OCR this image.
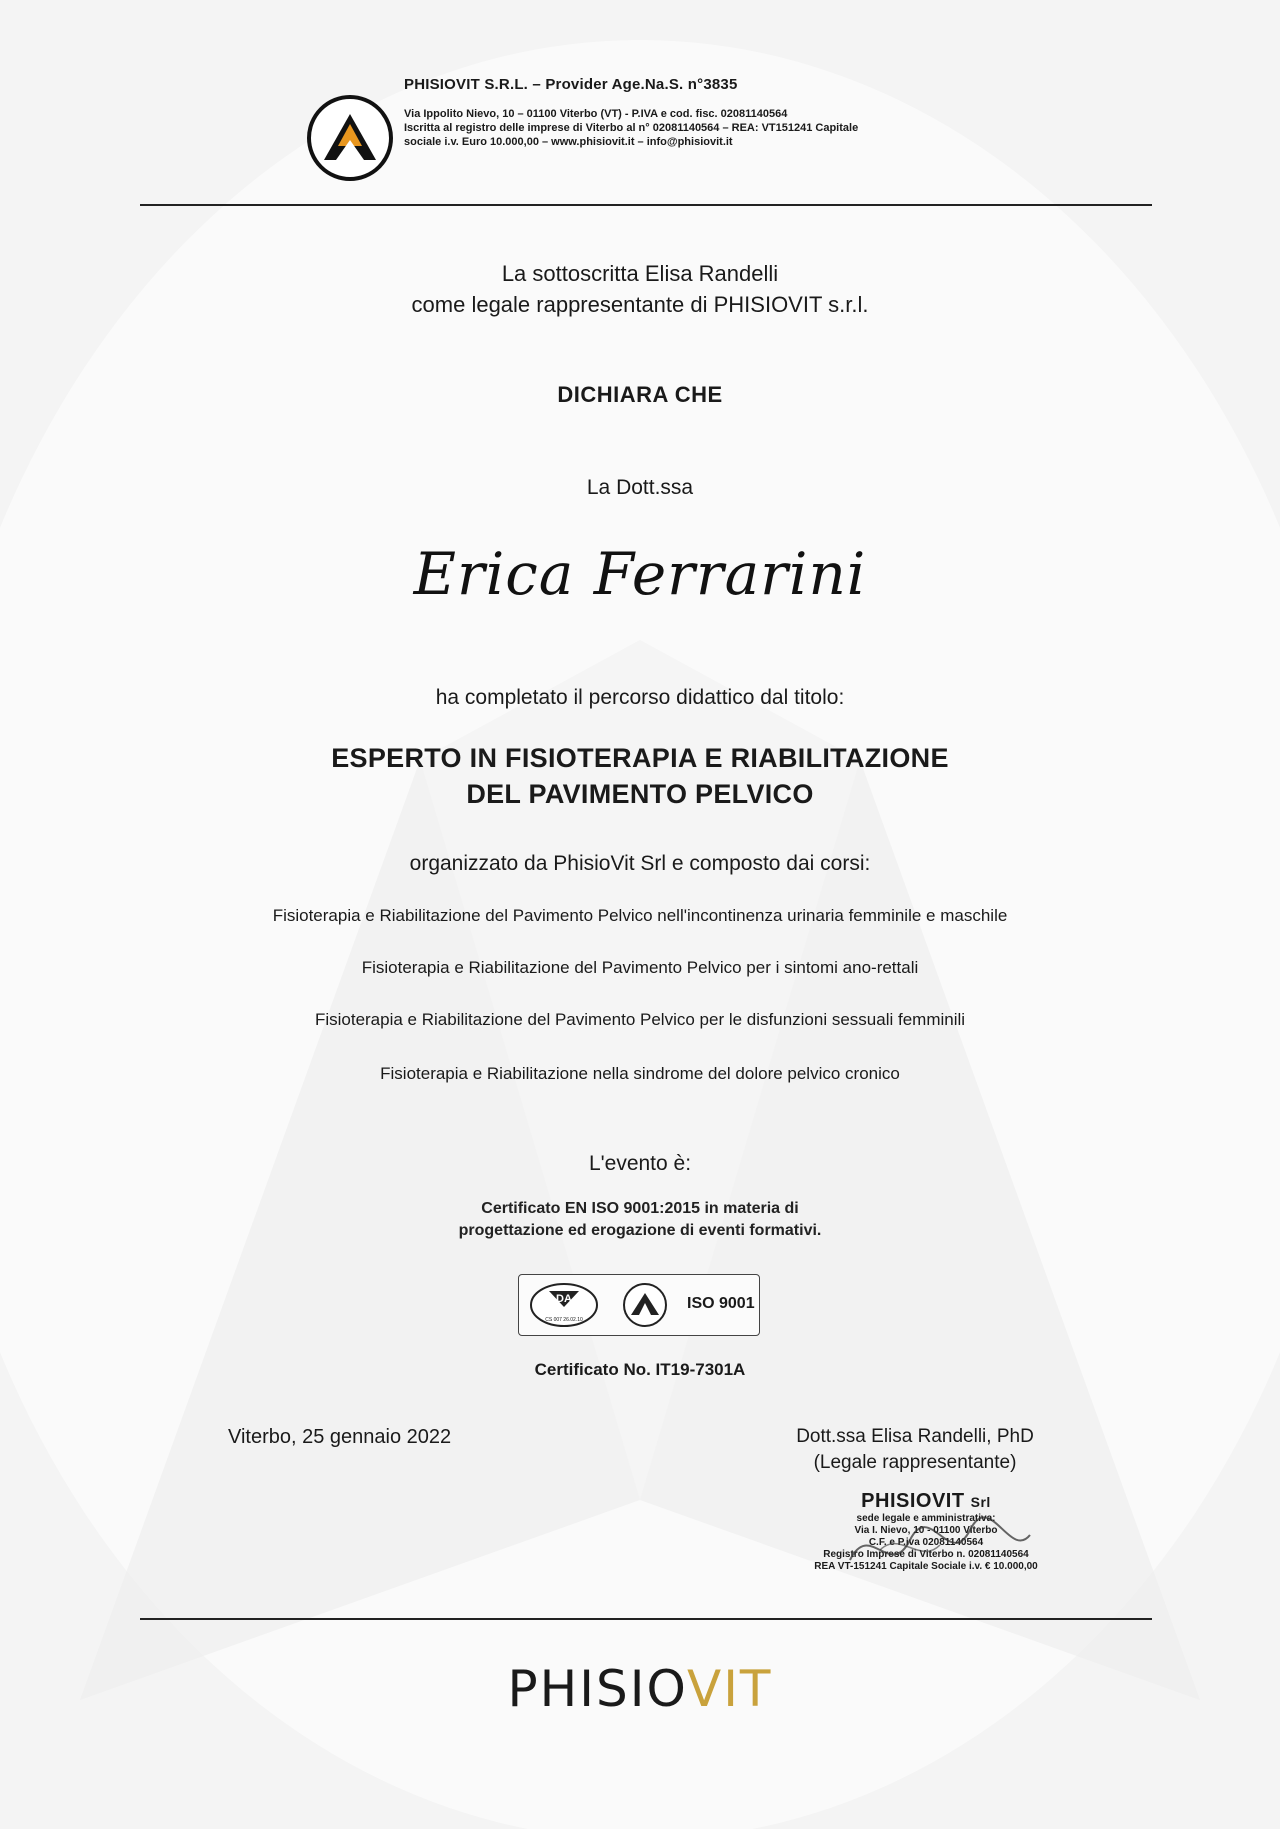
PHISIOVIT S.R.L. – Provider Age.Na.S. n°3835

Via Ippolito Nievo, 10 – 01100 Viterbo (VT) - P.IVA e cod. fisc. 02081140564

Iscritta al registro delle imprese di Viterbo al n° 02081140564 – REA: VT151241 Capitale

sociale i.v. Euro 10.000,00 – www.phisiovit.it – info@phisiovit.it

La sottoscritta Elisa Randelli
come legale rappresentante di PHISIOVIT s.r.l.
DICHIARA CHE
La Dott.ssa
Erica Ferrarini
ha completato il percorso didattico dal titolo:
ESPERTO IN FISIOTERAPIA E RIABILITAZIONE
DEL PAVIMENTO PELVICO
organizzato da PhisioVit Srl e composto dai corsi:
Fisioterapia e Riabilitazione del Pavimento Pelvico nell'incontinenza urinaria femminile e maschile
Fisioterapia e Riabilitazione del Pavimento Pelvico per i sintomi ano-rettali
Fisioterapia e Riabilitazione del Pavimento Pelvico per le disfunzioni sessuali femminili
Fisioterapia e Riabilitazione nella sindrome del dolore pelvico cronico
L'evento è:
Certificato EN ISO 9001:2015 in materia di
progettazione ed erogazione di eventi formativi.
DA
CS 007 26.02.10
ISO 9001
Certificato No. IT19-7301A
Viterbo, 25 gennaio 2022	Dott.ssa Elisa Randelli, PhD
(Legale rappresentante)
PHISIOVIT Srl
sede legale e amministrativa:
Via I. Nievo, 10 - 01100 Viterbo
C.F. e P.iva 02081140564
Registro Imprese di Viterbo n. 02081140564
REA VT-151241 Capitale Sociale i.v. € 10.000,00
PHISIOVIT
